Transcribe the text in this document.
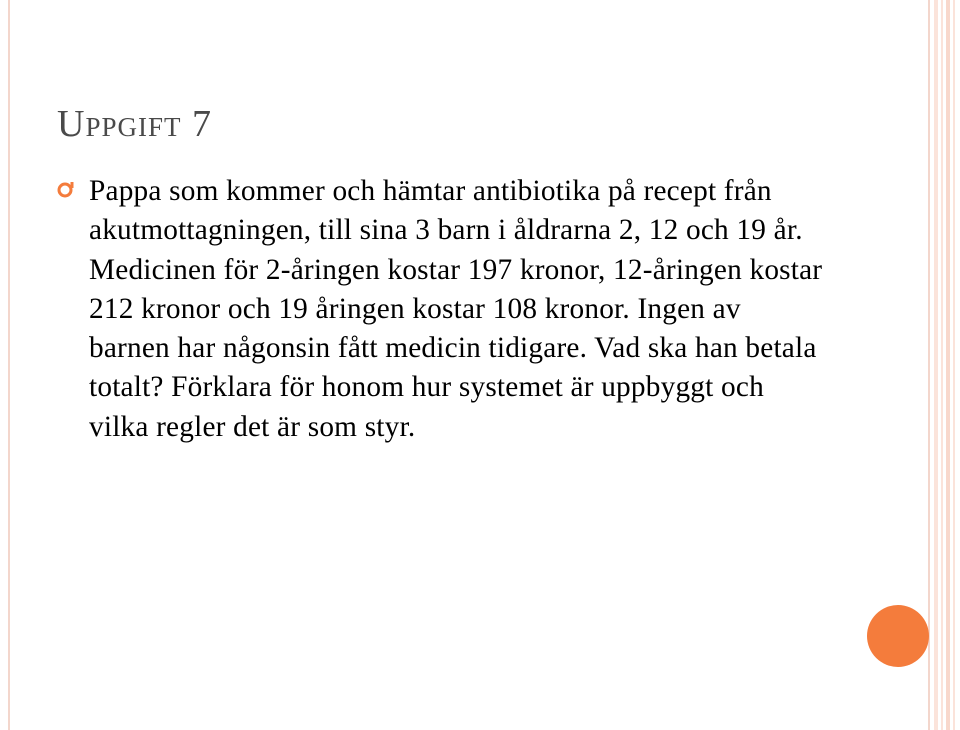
Uppgift 7

Pappa som kommer och hämtar antibiotika på recept från akutmottagningen, till sina 3 barn i åldrarna 2, 12 och 19 år. Medicinen för 2-åringen kostar 197 kronor, 12-åringen kostar 212 kronor och 19 åringen kostar 108 kronor. Ingen av barnen har någonsin fått medicin tidigare. Vad ska han betala totalt? Förklara för honom hur systemet är uppbyggt och vilka regler det är som styr.
